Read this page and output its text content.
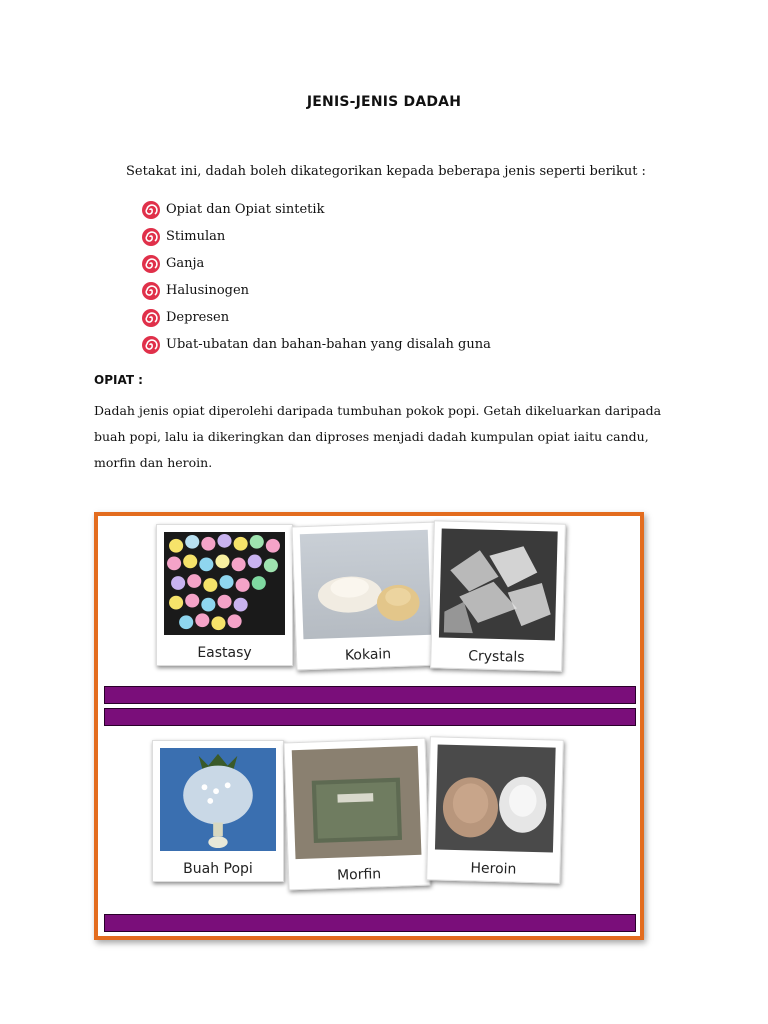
JENIS-JENIS DADAH
Setakat ini, dadah boleh dikategorikan kepada beberapa jenis seperti berikut :
Opiat dan Opiat sintetik
Stimulan
Ganja
Halusinogen
Depresen
Ubat-ubatan dan bahan-bahan yang disalah guna
OPIAT :
Dadah jenis opiat diperolehi daripada tumbuhan pokok popi. Getah dikeluarkan daripada buah popi, lalu ia dikeringkan dan diproses menjadi dadah kumpulan opiat iaitu candu, morfin dan heroin.
Eastasy	Kokain	Crystals
Buah Popi	Morfin	Heroin
